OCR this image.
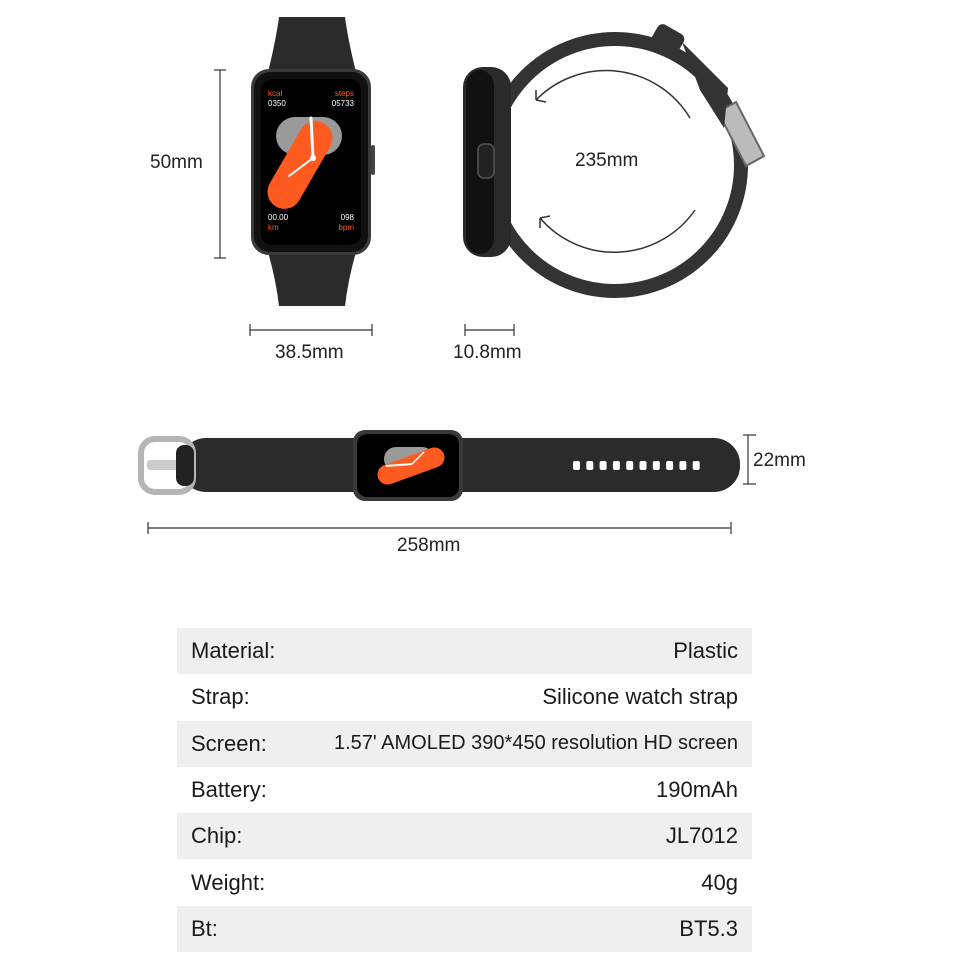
kcal
0350
steps
05733
00.00
km
098
bpm
50mm
38.5mm	10.8mm
235mm
258mm
22mm
Material:	Plastic
Strap:	Silicone watch strap
Screen:	1.57' AMOLED 390*450 resolution HD screen
Battery:	190mAh
Chip:	JL7012
Weight:	40g
Bt:	BT5.3
